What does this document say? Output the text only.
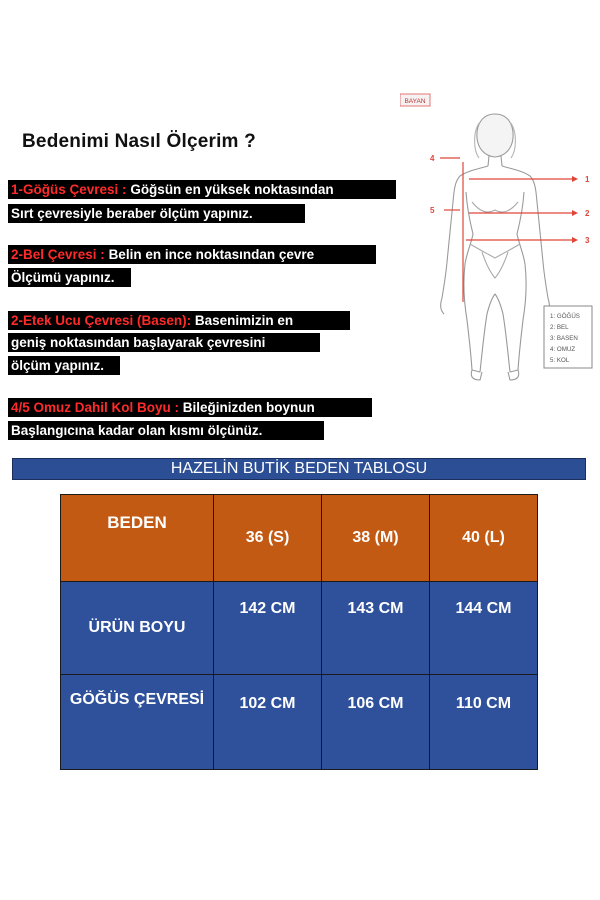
Bedenimi Nasıl Ölçerim ?
1-Göğüs Çevresi : Göğsün en yüksek noktasından
Sırt çevresiyle beraber ölçüm yapınız.
2-Bel Çevresi : Belin en ince noktasından çevre
Ölçümü yapınız.
2-Etek Ucu Çevresi (Basen): Basenimizin en
geniş noktasından başlayarak çevresini
ölçüm yapınız.
4/5 Omuz Dahil Kol Boyu : Bileğinizden boynun
Başlangıcına kadar olan kısmı ölçünüz.
BAYAN
1
2
3
4
5
1: GÖĞÜS
2: BEL
3: BASEN
4: OMUZ
5: KOL
HAZELİN BUTİK BEDEN TABLOSU
BEDEN	36 (S)	38 (M)	40 (L)
ÜRÜN BOYU	142 CM	143 CM	144 CM
GÖĞÜS ÇEVRESİ	102 CM	106 CM	110 CM
